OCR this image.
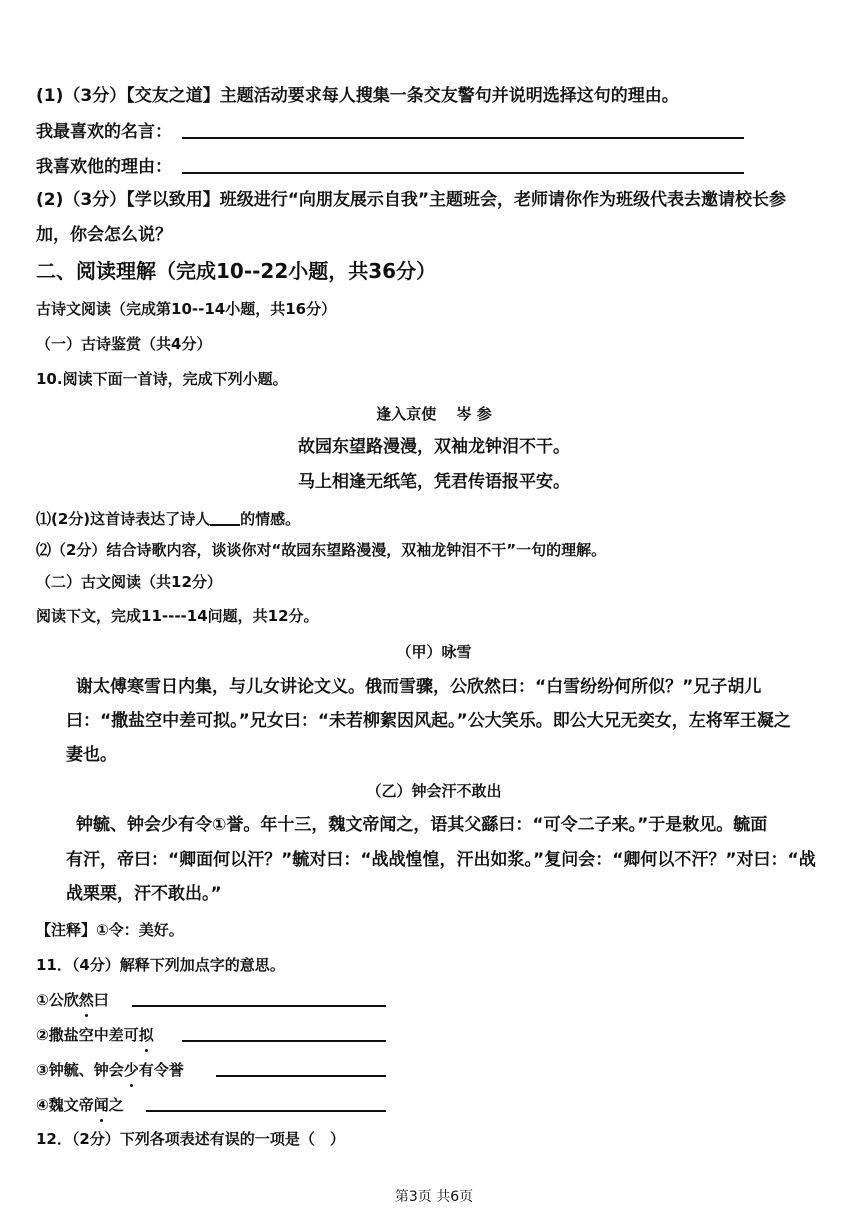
(1)（3分）【交友之道】主题活动要求每人搜集一条交友警句并说明选择这句的理由。
我最喜欢的名言：
我喜欢他的理由：
(2)（3分）【学以致用】班级进行“向朋友展示自我”主题班会，老师请你作为班级代表去邀请校长参
加，你会怎么说？
二、阅读理解（完成10--22小题，共36分）
古诗文阅读（完成第10--14小题，共16分）
（一）古诗鉴赏（共4分）
10.阅读下面一首诗，完成下列小题。
逢入京使　 岑 参
故园东望路漫漫，双袖龙钟泪不干。
马上相逢无纸笔，凭君传语报平安。
⑴(2分)这首诗表达了诗人 的情感。
⑵（2分）结合诗歌内容，谈谈你对“故园东望路漫漫，双袖龙钟泪不干”一句的理解。
（二）古文阅读（共12分）
阅读下文，完成11----14问题，共12分。
（甲）咏雪
谢太傅寒雪日内集，与儿女讲论文义。俄而雪骤，公欣然曰：“白雪纷纷何所似？”兄子胡儿
曰：“撒盐空中差可拟。”兄女曰：“未若柳絮因风起。”公大笑乐。即公大兄无奕女，左将军王凝之
妻也。
（乙）钟会汗不敢出
钟毓、钟会少有令①誉。年十三，魏文帝闻之，语其父繇曰：“可令二子来。”于是敕见。毓面
有汗，帝曰：“卿面何以汗？”毓对曰：“战战惶惶，汗出如浆。”复问会：“卿何以不汗？”对曰：“战
战栗栗，汗不敢出。”
【注释】①令：美好。
11．（4分）解释下列加点字的意思。
①公欣然曰
②撒盐空中差可拟
③钟毓、钟会少有令誉
④魏文帝闻之
12．（2分）下列各项表述有误的一项是（　）
第3页 共6页
